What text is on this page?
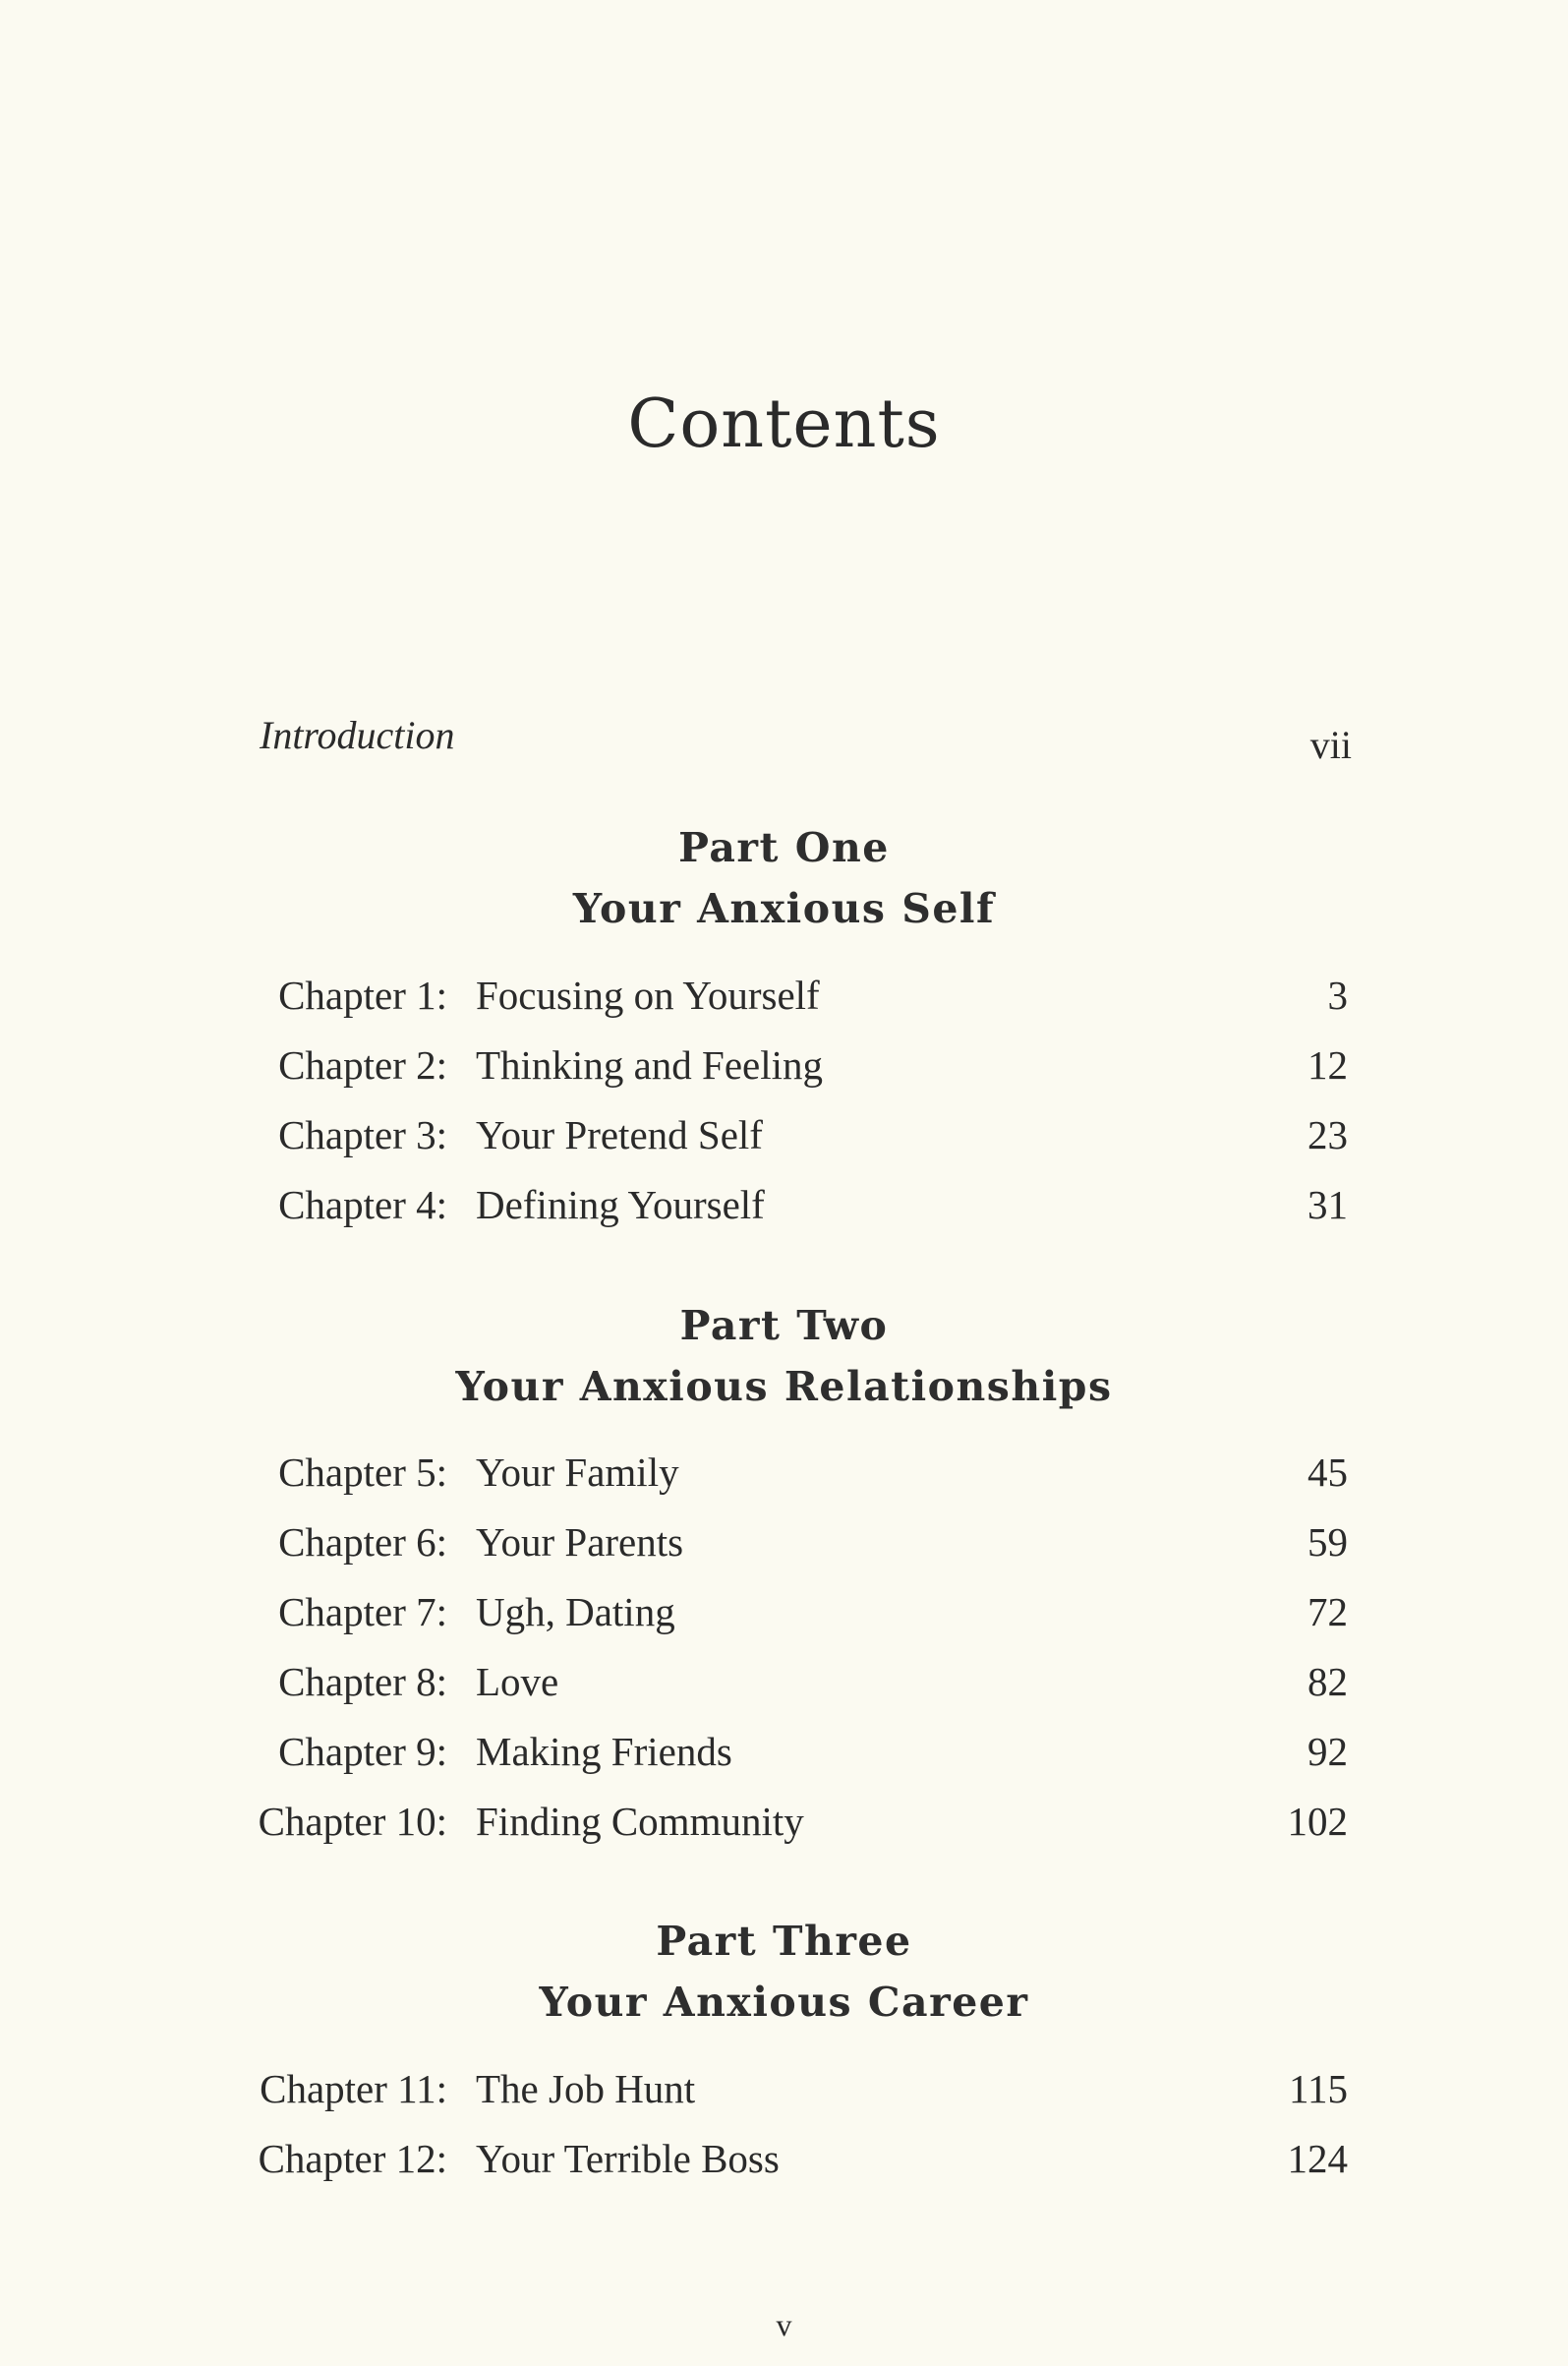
Contents
Introduction	vii
Part One
Your Anxious Self
Chapter 1: Focusing on Yourself	3
Chapter 2: Thinking and Feeling	12
Chapter 3: Your Pretend Self	23
Chapter 4: Defining Yourself	31
Part Two
Your Anxious Relationships
Chapter 5: Your Family	45
Chapter 6: Your Parents	59
Chapter 7: Ugh, Dating	72
Chapter 8: Love	82
Chapter 9: Making Friends	92
Chapter 10: Finding Community	102
Part Three
Your Anxious Career
Chapter 11: The Job Hunt	115
Chapter 12: Your Terrible Boss	124
v
